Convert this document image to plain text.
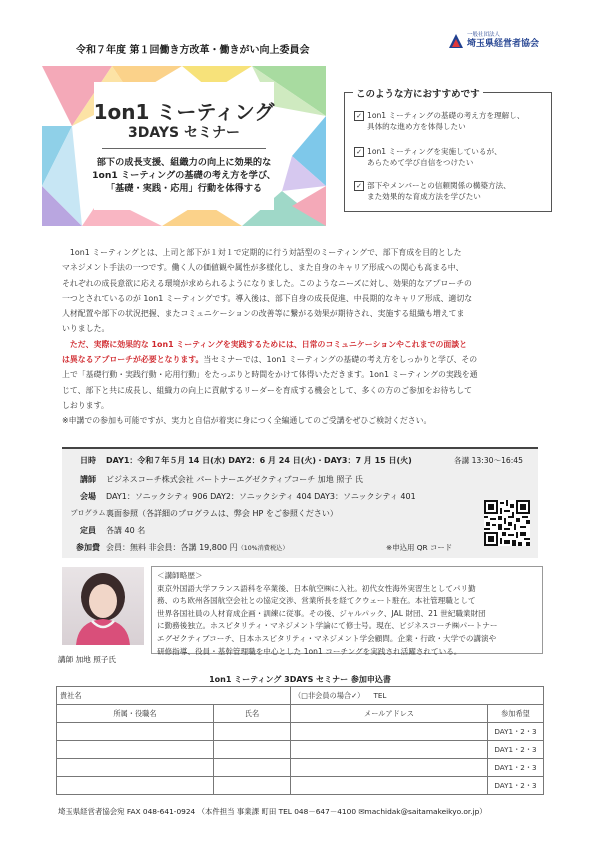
令和７年度 第１回働き方改革・働きがい向上委員会
一般社団法人
埼玉県経営者協会
1on1 ミーティング
3DAYS セミナー
部下の成長支援、組織力の向上に効果的な
1on1 ミーティングの基礎の考え方を学び、
「基礎・実践・応用」行動を体得する
このような方におすすめです
✓ 1on1 ミーティングの基礎の考え方を理解し、
具体的な進め方を体得したい
✓ 1on1 ミーティングを実施しているが、
あらためて学び自信をつけたい
✓ 部下やメンバーとの信頼関係の構築方法、
また効果的な育成方法を学びたい
　1on1 ミーティングとは、上司と部下が１対１で定期的に行う対話型のミーティングで、部下育成を目的とした
マネジメント手法の一つです。働く人の価値観や属性が多様化し、また自身のキャリア形成への関心も高まる中、
それぞれの成長意欲に応える環境が求められるようになりました。このようなニーズに対し、効果的なアプローチの
一つとされているのが 1on1 ミーティングです。導入後は、部下自身の成長促進、中長期的なキャリア形成、適切な
人材配置や部下の状況把握、またコミュニケーションの改善等に繋がる効果が期待され、実施する組織も増えてま
いりました。
　ただ、実際に効果的な 1on1 ミーティングを実践するためには、日常のコミュニケーションやこれまでの面談と
は異なるアプローチが必要となります。当セミナーでは、1on1 ミーティングの基礎の考え方をしっかりと学び、その
上で「基礎行動・実践行動・応用行動」をたっぷりと時間をかけて体得いただきます。1on1 ミーティングの実践を通
じて、部下と共に成長し、組織力の向上に貢献するリーダーを育成する機会として、多くの方のご参加をお待ちして
しおります。
※申講での参加も可能ですが、実力と自信が着実に身につく全編通してのご受講をぜひご検討ください。
日時	DAY1：令和７年５月 14 日(水) DAY2：6 月 24 日(火)・DAY3：7 月 15 日(火)	各講 13:30～16:45
講師	ビジネスコーチ株式会社 パートナーエグゼクティブコーチ 加地 照子 氏
会場	DAY1：ソニックシティ 906 DAY2：ソニックシティ 404 DAY3：ソニックシティ 401
プログラム 裏面参照（各詳細のプログラムは、弊会 HP をご参照ください）
定員	各講 40 名
参加費 会員：無料 非会員：各講 19,800 円（10%消費税込）	※申込用 QR コード
講師 加地 照子氏
＜講師略歴＞
東京外国語大学フランス語科を卒業後、日本航空㈱に入社。初代女性海外実習生としてパリ勤
務、のち欧州各国航空会社との協定交渉、営業所長を経てクウェート駐在。本社管理職として
世界各国社員の人材育成企画・訓練に従事。その後、ジャルパック、JAL 財団、21 世紀職業財団
に勤務後独立。ホスピタリティ・マネジメント学論にて修士号。現在、ビジネスコーチ㈱パートナー
エグゼクティブコーチ、日本ホスピタリティ・マネジメント学会顧問。企業・行政・大学での講演や
研修指導、役員・基幹管理職を中心とした 1on1 コーチングを実践され活躍されている。
1on1 ミーティング 3DAYS セミナー 参加申込書
貴社名		（□非会員の場合✓） TEL	
所属・役職名	氏名	メールアドレス	参加希望
			DAY1・2・3
			DAY1・2・3
			DAY1・2・3
			DAY1・2・3
埼玉県経営者協会宛 FAX 048-641-0924 （本件担当 事業課 町田 TEL 048－647－4100 ✉machidak@saitamakeikyo.or.jp）
